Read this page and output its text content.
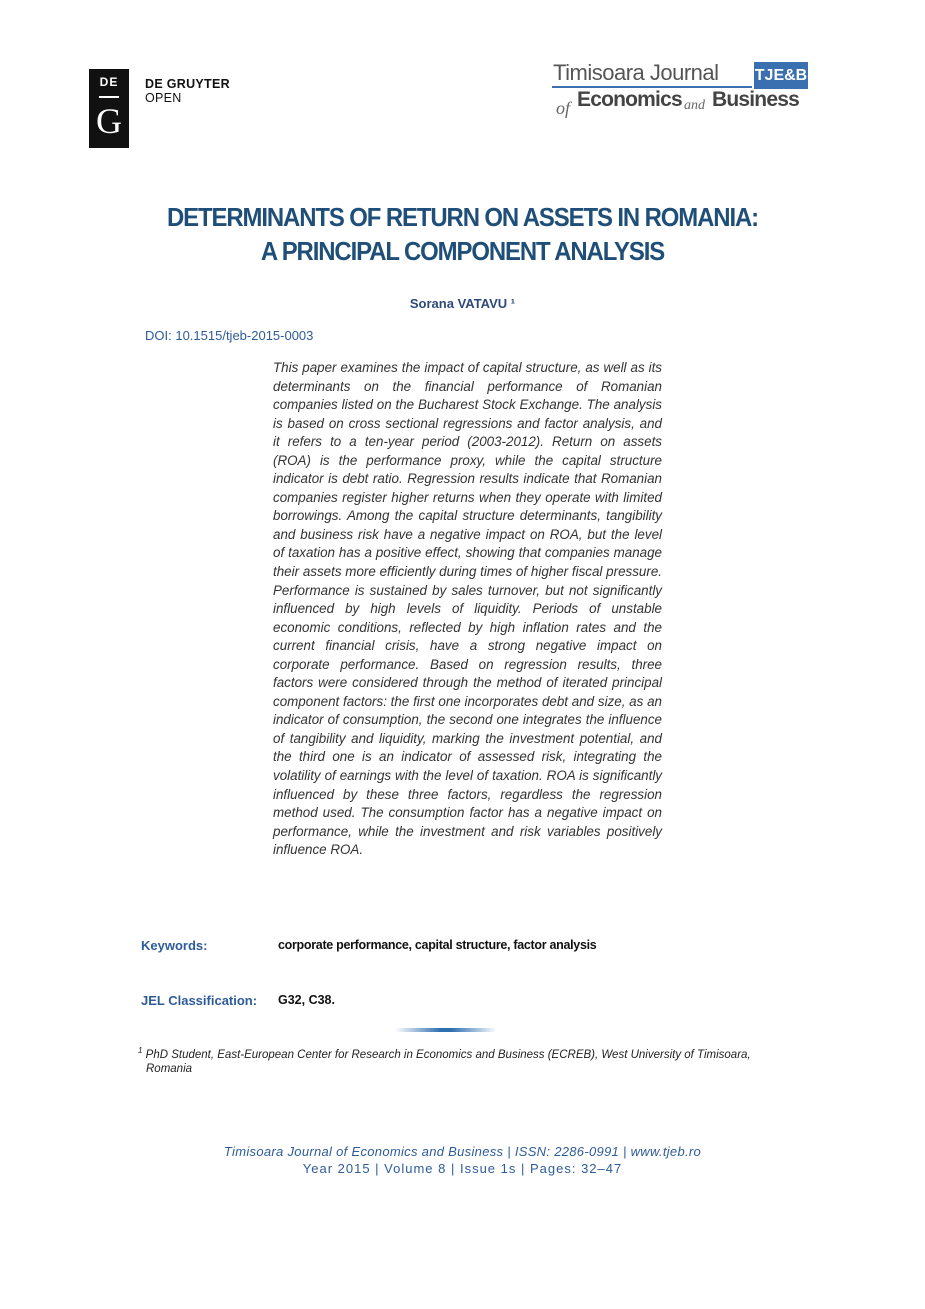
DE
G
DE GRUYTER
OPEN
Timisoara Journal TJE&B
of Economics and Business
DETERMINANTS OF RETURN ON ASSETS IN ROMANIA:
A PRINCIPAL COMPONENT ANALYSIS
Sorana VATAVU ¹
DOI: 10.1515/tjeb-2015-0003

This paper examines the impact of capital structure, as well as its determinants on the financial performance of Romanian companies listed on the Bucharest Stock Exchange. The analysis is based on cross sectional regressions and factor analysis, and it refers to a ten-year period (2003-2012). Return on assets (ROA) is the performance proxy, while the capital structure indicator is debt ratio. Regression results indicate that Romanian companies register higher returns when they operate with limited borrowings. Among the capital structure determinants, tangibility and business risk have a negative impact on ROA, but the level of taxation has a positive effect, showing that companies manage their assets more efficiently during times of higher fiscal pressure. Performance is sustained by sales turnover, but not significantly influenced by high levels of liquidity. Periods of unstable economic conditions, reflected by high inflation rates and the current financial crisis, have a strong negative impact on corporate performance. Based on regression results, three factors were considered through the method of iterated principal component factors: the first one incorporates debt and size, as an indicator of consumption, the second one integrates the influence of tangibility and liquidity, marking the investment potential, and the third one is an indicator of assessed risk, integrating the volatility of earnings with the level of taxation. ROA is significantly influenced by these three factors, regardless the regression method used. The consumption factor has a negative impact on performance, while the investment and risk variables positively influence ROA.

Keywords:	corporate performance, capital structure, factor analysis
JEL Classification: G32, C38.
$^1$ PhD Student, East-European Center for Research in Economics and Business (ECREB), West University of Timisoara,
Romania
Timisoara Journal of Economics and Business | ISSN: 2286-0991 | www.tjeb.ro
Year 2015 | Volume 8 | Issue 1s | Pages: 32–47
